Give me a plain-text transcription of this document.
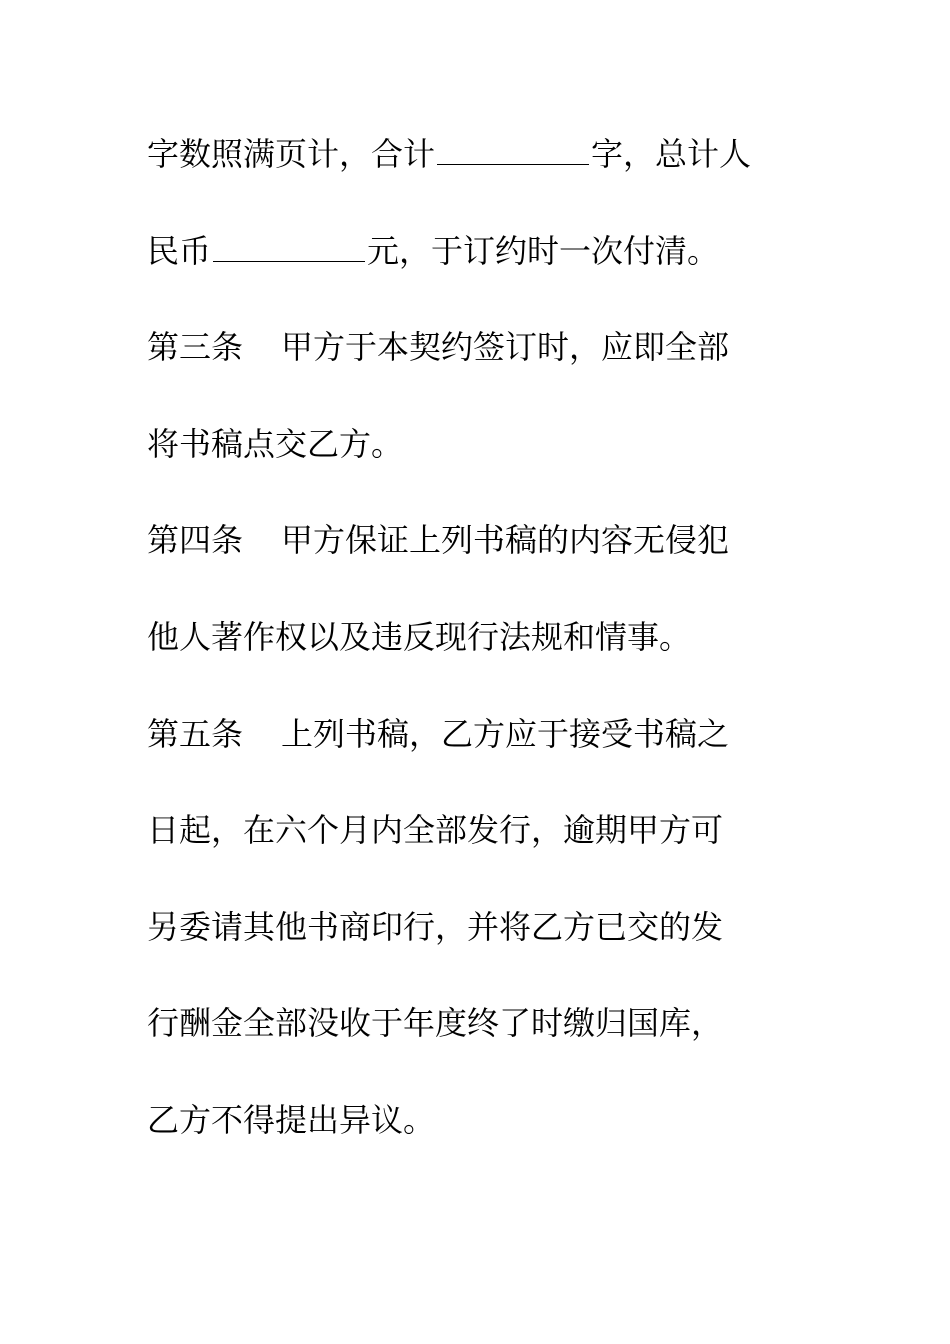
字数照满页计，合计	字，总计人
民币	元，于订约时一次付清。
第三条 甲方于本契约签订时，应即全部
将书稿点交乙方。
第四条 甲方保证上列书稿的内容无侵犯
他人著作权以及违反现行法规和情事。
第五条 上列书稿，乙方应于接受书稿之
日起，在六个月内全部发行，逾期甲方可
另委请其他书商印行，并将乙方已交的发
行酬金全部没收于年度终了时缴归国库，
乙方不得提出异议。
